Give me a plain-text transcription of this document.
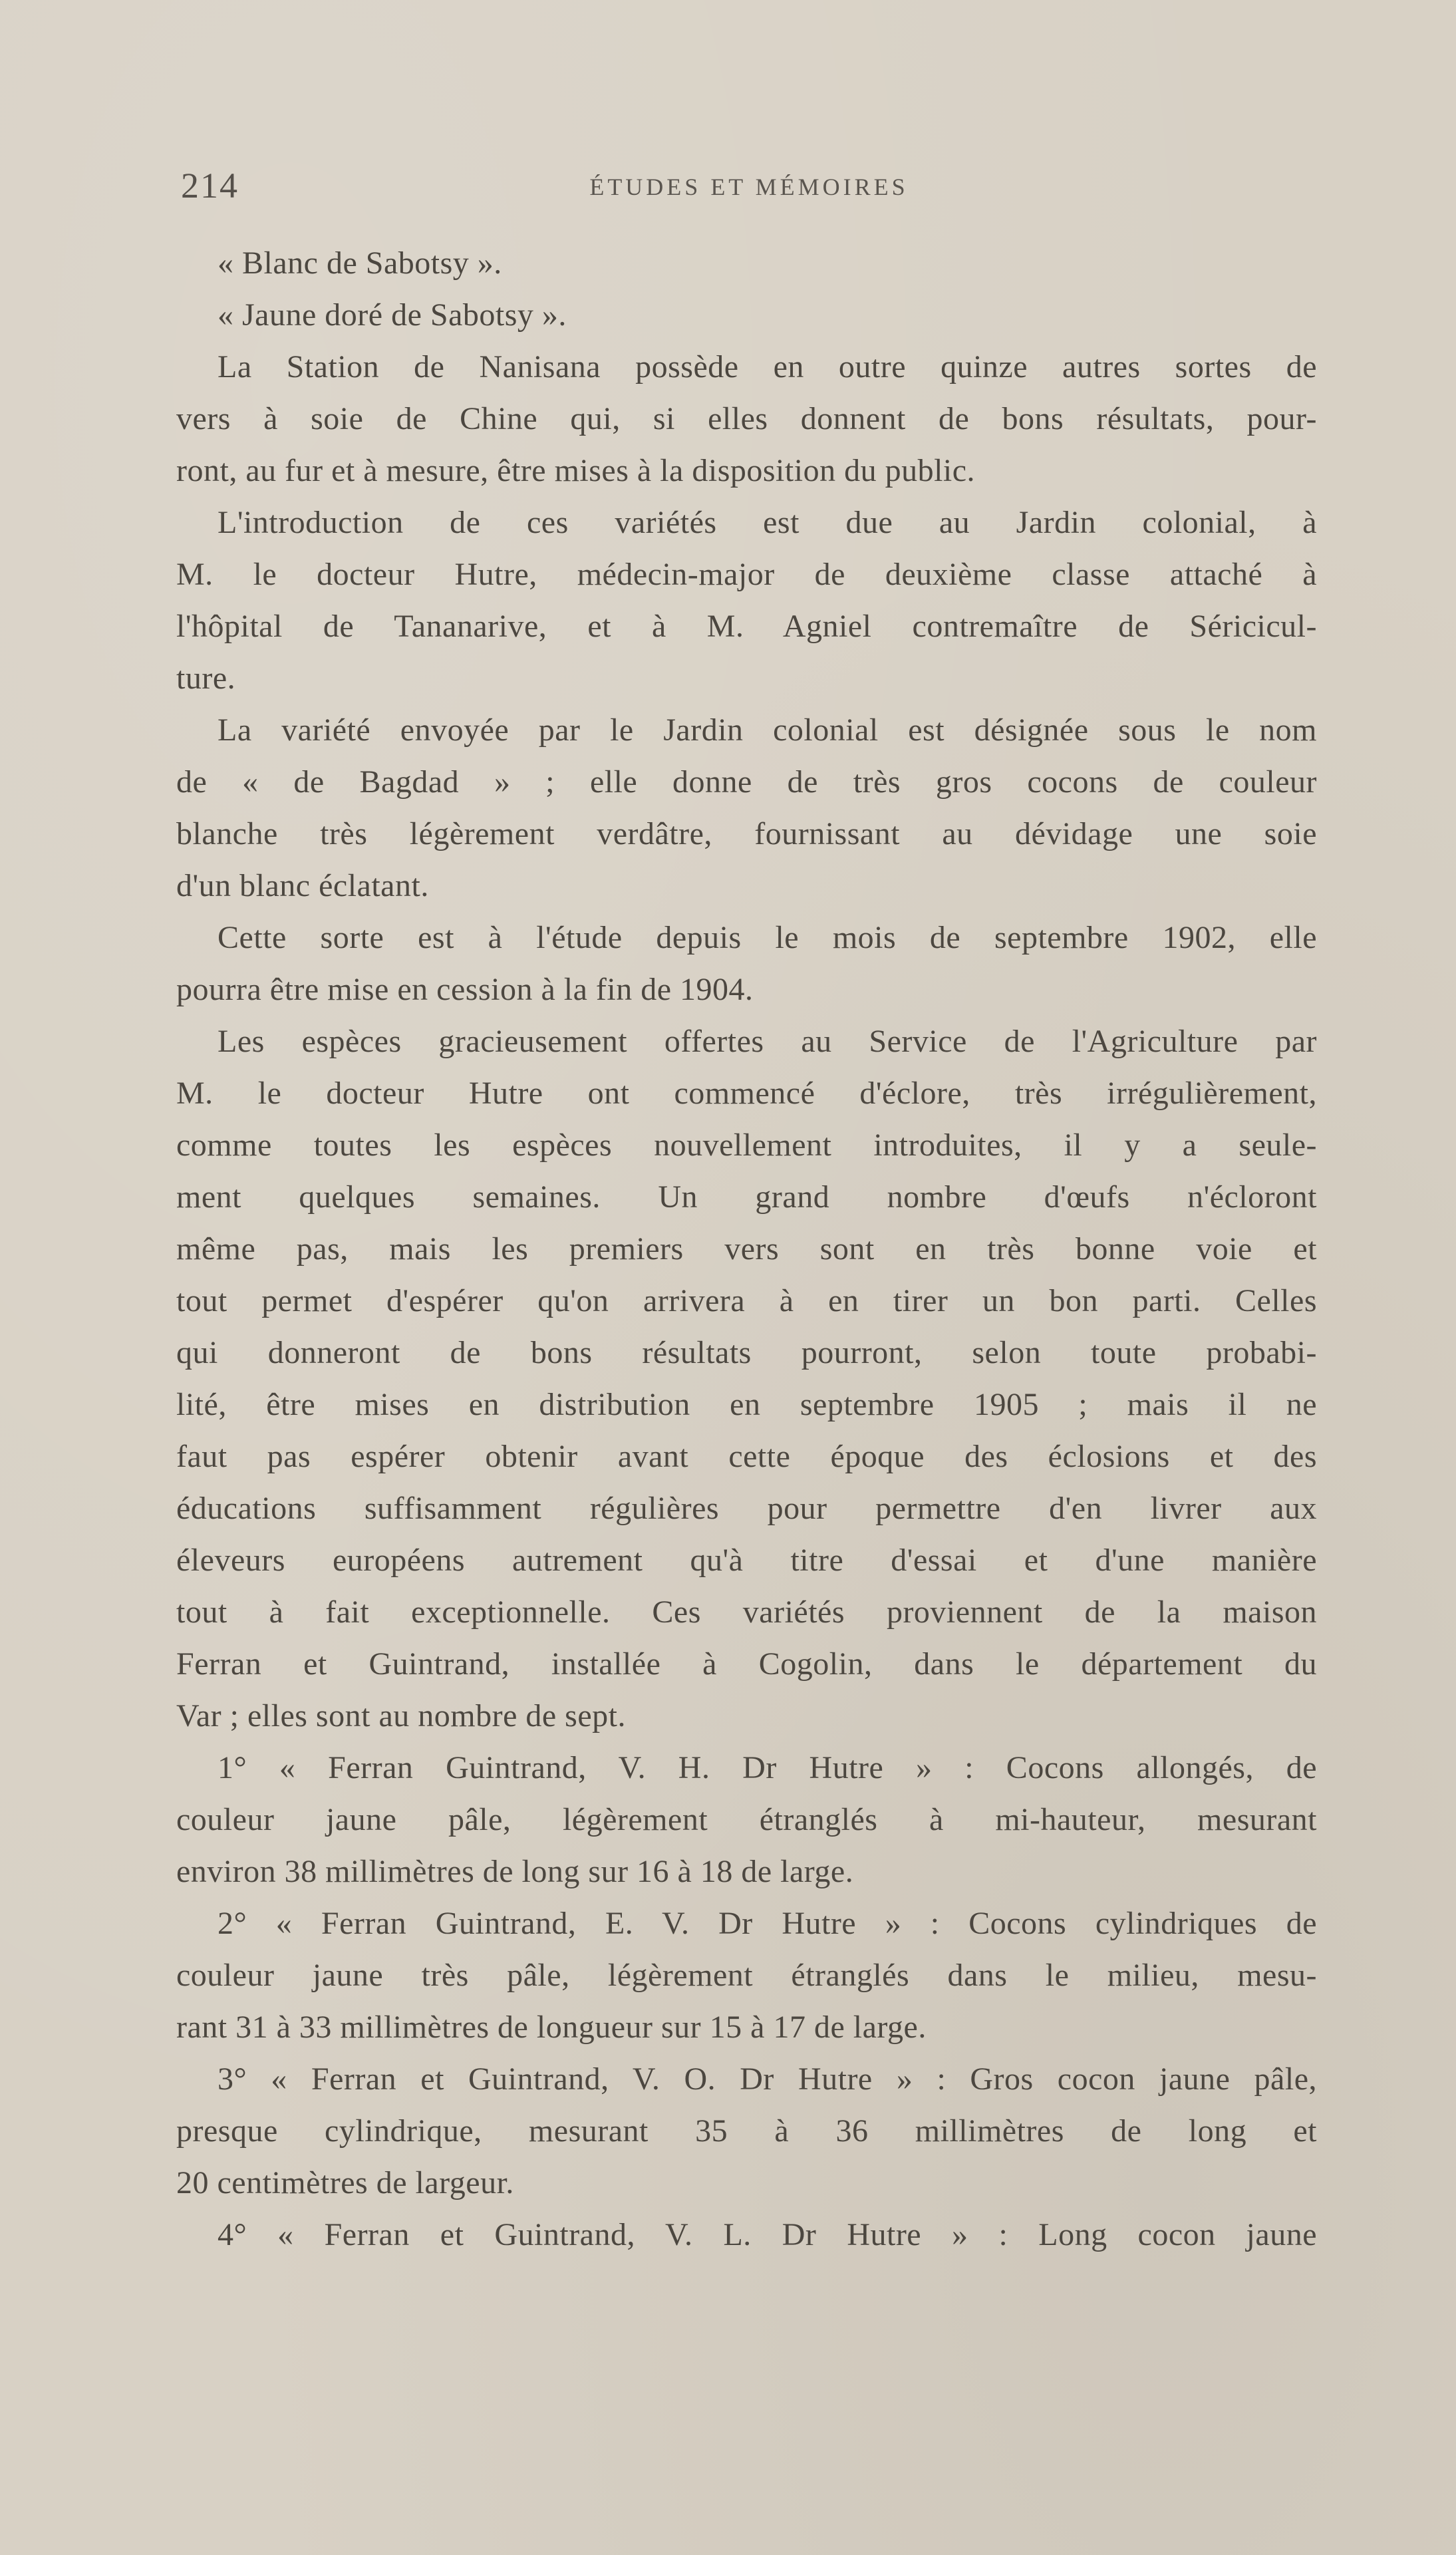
214	ÉTUDES ET MÉMOIRES
« Blanc de Sabotsy ».
« Jaune doré de Sabotsy ».
La Station de Nanisana possède en outre quinze autres sortes de
vers à soie de Chine qui, si elles donnent de bons résultats, pour-
ront, au fur et à mesure, être mises à la disposition du public.
L'introduction de ces variétés est due au Jardin colonial, à
M. le docteur Hutre, médecin-major de deuxième classe attaché à
l'hôpital de Tananarive, et à M. Agniel contremaître de Séricicul-
ture.
La variété envoyée par le Jardin colonial est désignée sous le nom
de « de Bagdad » ; elle donne de très gros cocons de couleur
blanche très légèrement verdâtre, fournissant au dévidage une soie
d'un blanc éclatant.
Cette sorte est à l'étude depuis le mois de septembre 1902, elle
pourra être mise en cession à la fin de 1904.
Les espèces gracieusement offertes au Service de l'Agriculture par
M. le docteur Hutre ont commencé d'éclore, très irrégulièrement,
comme toutes les espèces nouvellement introduites, il y a seule-
ment quelques semaines. Un grand nombre d'œufs n'écloront
même pas, mais les premiers vers sont en très bonne voie et
tout permet d'espérer qu'on arrivera à en tirer un bon parti. Celles
qui donneront de bons résultats pourront, selon toute probabi-
lité, être mises en distribution en septembre 1905 ; mais il ne
faut pas espérer obtenir avant cette époque des éclosions et des
éducations suffisamment régulières pour permettre d'en livrer aux
éleveurs européens autrement qu'à titre d'essai et d'une manière
tout à fait exceptionnelle. Ces variétés proviennent de la maison
Ferran et Guintrand, installée à Cogolin, dans le département du
Var ; elles sont au nombre de sept.
1° « Ferran Guintrand, V. H. Dr Hutre » : Cocons allongés, de
couleur jaune pâle, légèrement étranglés à mi-hauteur, mesurant
environ 38 millimètres de long sur 16 à 18 de large.
2° « Ferran Guintrand, E. V. Dr Hutre » : Cocons cylindriques de
couleur jaune très pâle, légèrement étranglés dans le milieu, mesu-
rant 31 à 33 millimètres de longueur sur 15 à 17 de large.
3° « Ferran et Guintrand, V. O. Dr Hutre » : Gros cocon jaune pâle,
presque cylindrique, mesurant 35 à 36 millimètres de long et
20 centimètres de largeur.
4° « Ferran et Guintrand, V. L. Dr Hutre » : Long cocon jaune
